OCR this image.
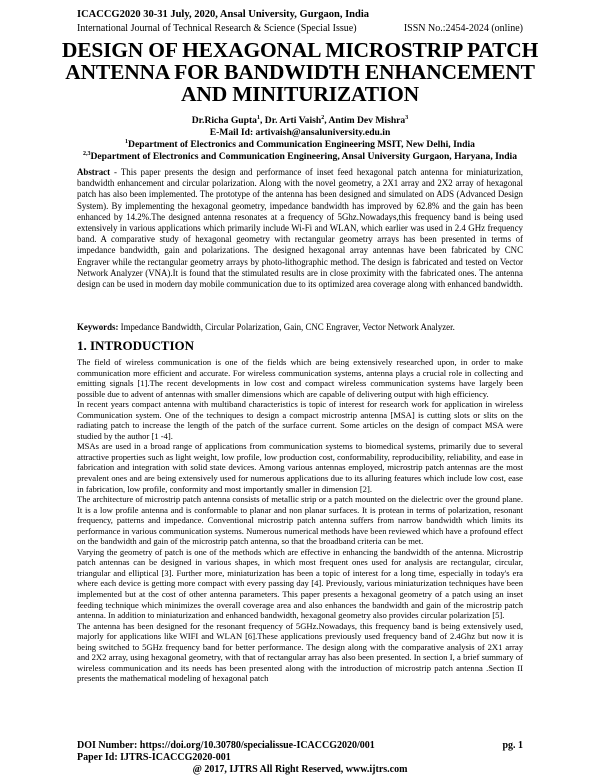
ICACCG2020 30-31 July, 2020, Ansal University, Gurgaon, India
International Journal of Technical Research & Science (Special Issue)	ISSN No.:2454-2024 (online)
DESIGN OF HEXAGONAL MICROSTRIP PATCH ANTENNA FOR BANDWIDTH ENHANCEMENT AND MINITURIZATION
Dr.Richa Gupta$^1$, Dr. Arti Vaish$^2$, Antim Dev Mishra$^3$
E-Mail Id: artivaish@ansaluniversity.edu.in
$^1$Department of Electronics and Communication Engineering MSIT, New Delhi, India
$^{2,3}$Department of Electronics and Communication Engineering, Ansal University Gurgaon, Haryana, India

Abstract - This paper presents the design and performance of inset feed hexagonal patch antenna for miniaturization, bandwidth enhancement and circular polarization. Along with the novel geometry, a 2X1 array and 2X2 array of hexagonal patch has also been implemented. The prototype of the antenna has been designed and simulated on ADS (Advanced Design System). By implementing the hexagonal geometry, impedance bandwidth has improved by 62.8% and the gain has been enhanced by 14.2%.The designed antenna resonates at a frequency of 5Ghz.Nowadays,this frequency band is being used extensively in various applications which primarily include Wi-Fi and WLAN, which earlier was used in 2.4 GHz frequency band. A comparative study of hexagonal geometry with rectangular geometry arrays has been presented in terms of impedance bandwidth, gain and polarizations. The designed hexagonal array antennas have been fabricated by CNC Engraver while the rectangular geometry arrays by photo-lithographic method. The design is fabricated and tested on Vector Network Analyzer (VNA).It is found that the stimulated results are in close proximity with the fabricated ones. The antenna design can be used in modern day mobile communication due to its optimized area coverage along with enhanced bandwidth.

Keywords: Impedance Bandwidth, Circular Polarization, Gain, CNC Engraver, Vector Network Analyzer.
1. INTRODUCTION

The field of wireless communication is one of the fields which are being extensively researched upon, in order to make communication more efficient and accurate. For wireless communication systems, antenna plays a crucial role in collecting and emitting signals [1].The recent developments in low cost and compact wireless communication systems have largely been possible due to advent of antennas with smaller dimensions which are capable of delivering output with high efficiency.

In recent years compact antenna with multiband characteristics is topic of interest for research work for application in wireless Communication system. One of the techniques to design a compact microstrip antenna [MSA] is cutting slots or slits on the radiating patch to increase the length of the patch of the surface current. Some articles on the design of compact MSA were studied by the author [1 -4].

MSAs are used in a broad range of applications from communication systems to biomedical systems, primarily due to several attractive properties such as light weight, low profile, low production cost, conformability, reproducibility, reliability, and ease in fabrication and integration with solid state devices. Among various antennas employed, microstrip patch antennas are the most prevalent ones and are being extensively used for numerous applications due to its alluring features which include low cost, ease in fabrication, low profile, conformity and most importantly smaller in dimension [2].

The architecture of microstrip patch antenna consists of metallic strip or a patch mounted on the dielectric over the ground plane. It is a low profile antenna and is conformable to planar and non planar surfaces. It is protean in terms of polarization, resonant frequency, patterns and impedance. Conventional microstrip patch antenna suffers from narrow bandwidth which limits its performance in various communication systems. Numerous numerical methods have been reviewed which have a profound effect on the bandwidth and gain of the microstrip patch antenna, so that the broadband criteria can be met.

Varying the geometry of patch is one of the methods which are effective in enhancing the bandwidth of the antenna. Microstrip patch antennas can be designed in various shapes, in which most frequent ones used for analysis are rectangular, circular, triangular and elliptical [3]. Further more, miniaturization has been a topic of interest for a long time, especially in today's era where each device is getting more compact with every passing day [4]. Previously, various miniaturization techniques have been implemented but at the cost of other antenna parameters. This paper presents a hexagonal geometry of a patch using an inset feeding technique which minimizes the overall coverage area and also enhances the bandwidth and gain of the microstrip patch antenna. In addition to miniaturization and enhanced bandwidth, hexagonal geometry also provides circular polarization [5].

The antenna has been designed for the resonant frequency of 5GHz.Nowadays, this frequency band is being extensively used, majorly for applications like WIFI and WLAN [6].These applications previously used frequency band of 2.4Ghz but now it is being switched to 5GHz frequency band for better performance. The design along with the comparative analysis of 2X1 array and 2X2 array, using hexagonal geometry, with that of rectangular array has also been presented. In section I, a brief summary of wireless communication and its needs has been presented along with the introduction of microstrip patch antenna .Section II presents the mathematical modeling of hexagonal patch

DOI Number: https://doi.org/10.30780/specialissue-ICACCG2020/001	pg. 1
Paper Id: IJTRS-ICACCG2020-001
@ 2017, IJTRS All Right Reserved, www.ijtrs.com
